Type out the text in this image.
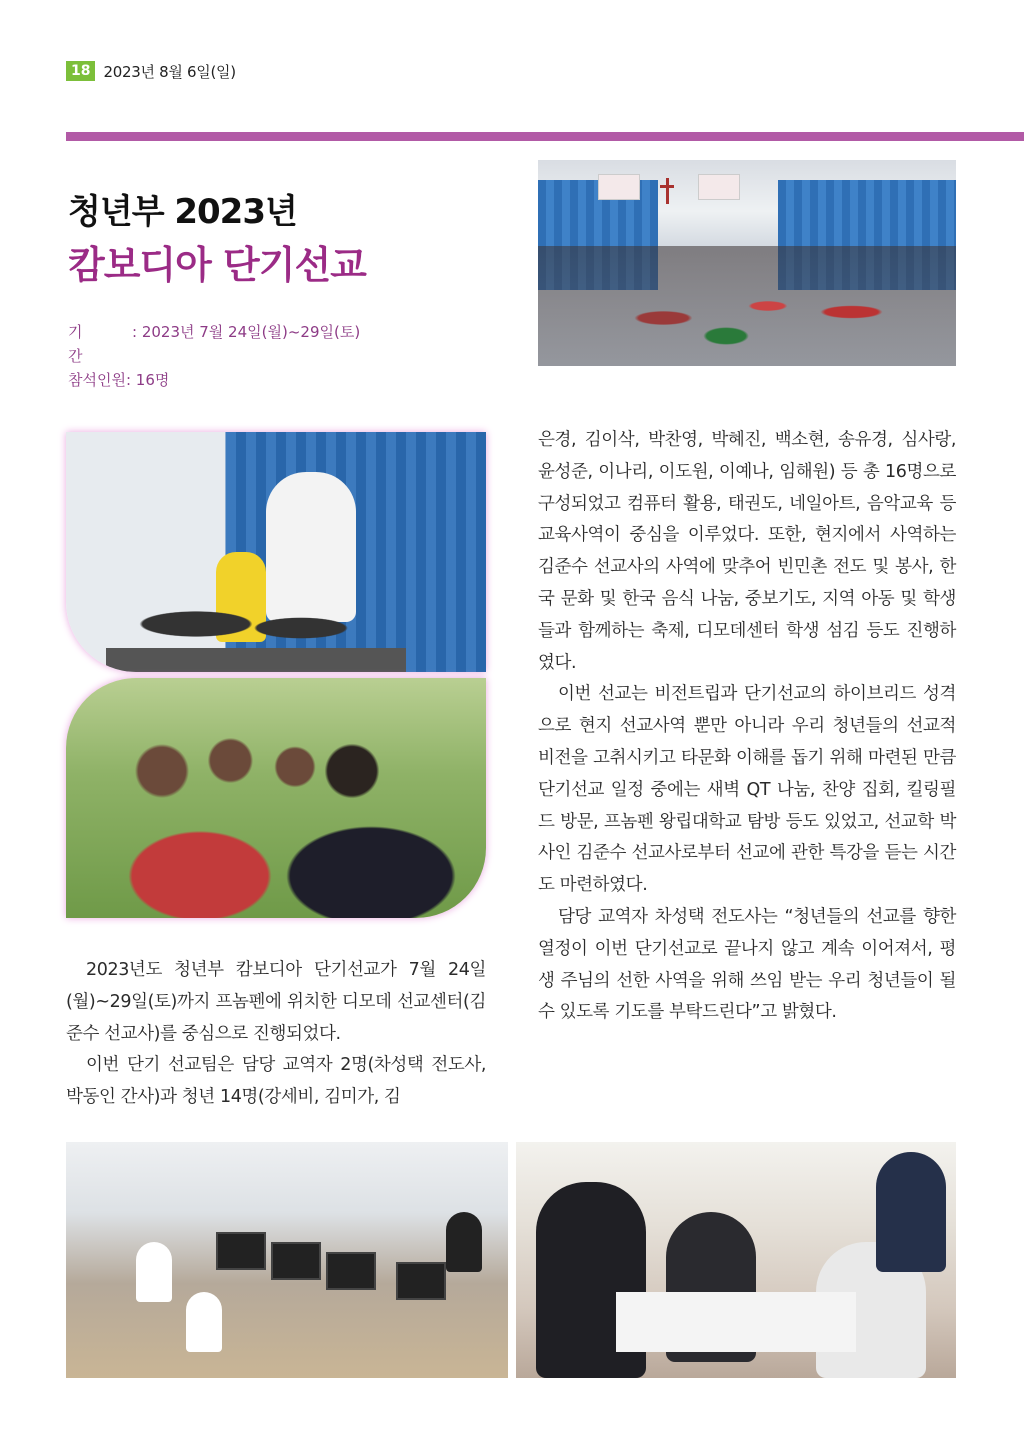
18 2023년 8월 6일(일)
청년부 2023년
캄보디아 단기선교
기간
: 2023년 7월 24일(월)~29일(토)
참석인원 : 16명

2023년도 청년부 캄보디아 단기선교가 7월 24일(월)~29일(토)까지 프놈펜에 위치한 디모데 선교센터(김준수 선교사)를 중심으로 진행되었다.

이번 단기 선교팀은 담당 교역자 2명(차성택 전도사, 박동인 간사)과 청년 14명(강세비, 김미가, 김

은경, 김이삭, 박찬영, 박혜진, 백소현, 송유경, 심사랑, 윤성준, 이나리, 이도원, 이예나, 임해원) 등 총 16명으로 구성되었고 컴퓨터 활용, 태권도, 네일아트, 음악교육 등 교육사역이 중심을 이루었다. 또한, 현지에서 사역하는 김준수 선교사의 사역에 맞추어 빈민촌 전도 및 봉사, 한국 문화 및 한국 음식 나눔, 중보기도, 지역 아동 및 학생들과 함께하는 축제, 디모데센터 학생 섬김 등도 진행하였다.

이번 선교는 비전트립과 단기선교의 하이브리드 성격으로 현지 선교사역 뿐만 아니라 우리 청년들의 선교적 비전을 고취시키고 타문화 이해를 돕기 위해 마련된 만큼 단기선교 일정 중에는 새벽 QT 나눔, 찬양 집회, 킬링필드 방문, 프놈펜 왕립대학교 탐방 등도 있었고, 선교학 박사인 김준수 선교사로부터 선교에 관한 특강을 듣는 시간도 마련하였다.

담당 교역자 차성택 전도사는 “청년들의 선교를 향한 열정이 이번 단기선교로 끝나지 않고 계속 이어져서, 평생 주님의 선한 사역을 위해 쓰임 받는 우리 청년들이 될 수 있도록 기도를 부탁드린다”고 밝혔다.
